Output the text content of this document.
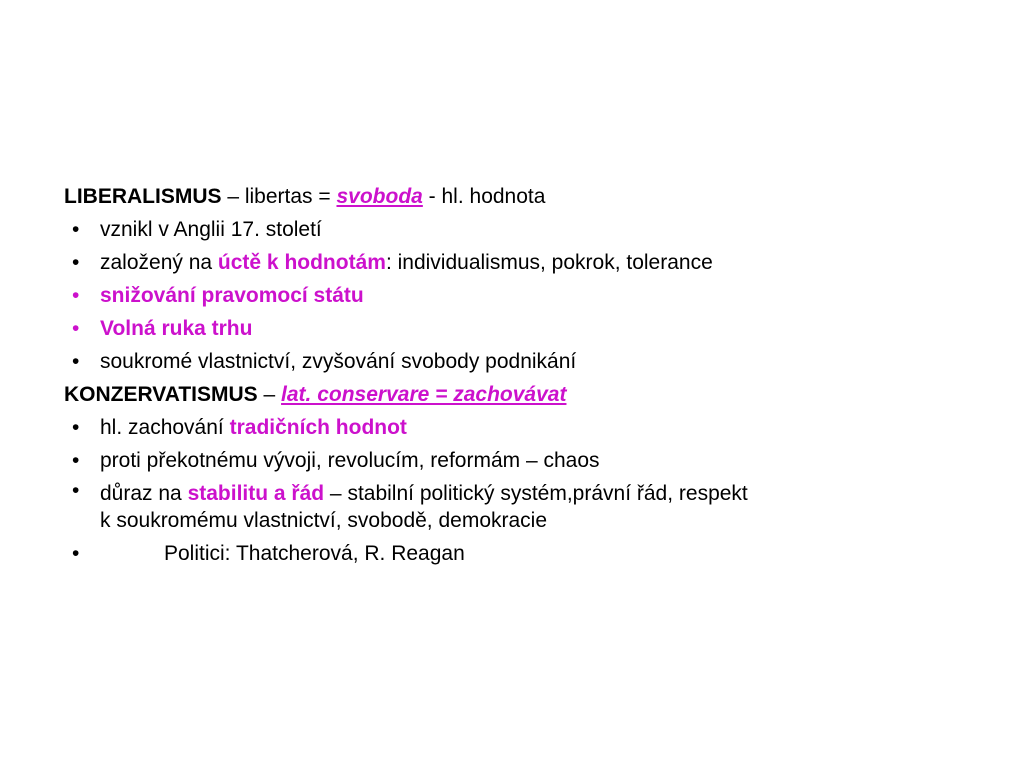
LIBERALISMUS – libertas = svoboda - hl. hodnota
• vznikl v Anglii 17. století
• založený na úctě k hodnotám: individualismus, pokrok, tolerance
• snižování pravomocí státu
• Volná ruka trhu
• soukromé vlastnictví, zvyšování svobody podnikání
KONZERVATISMUS – lat. conservare = zachovávat
• hl. zachování tradičních hodnot
• proti překotnému vývoji, revolucím, reformám – chaos
• důraz na stabilitu a řád – stabilní politický systém,právní řád, respekt
k soukromému vlastnictví, svobodě, demokracie
•	Politici: Thatcherová, R. Reagan
